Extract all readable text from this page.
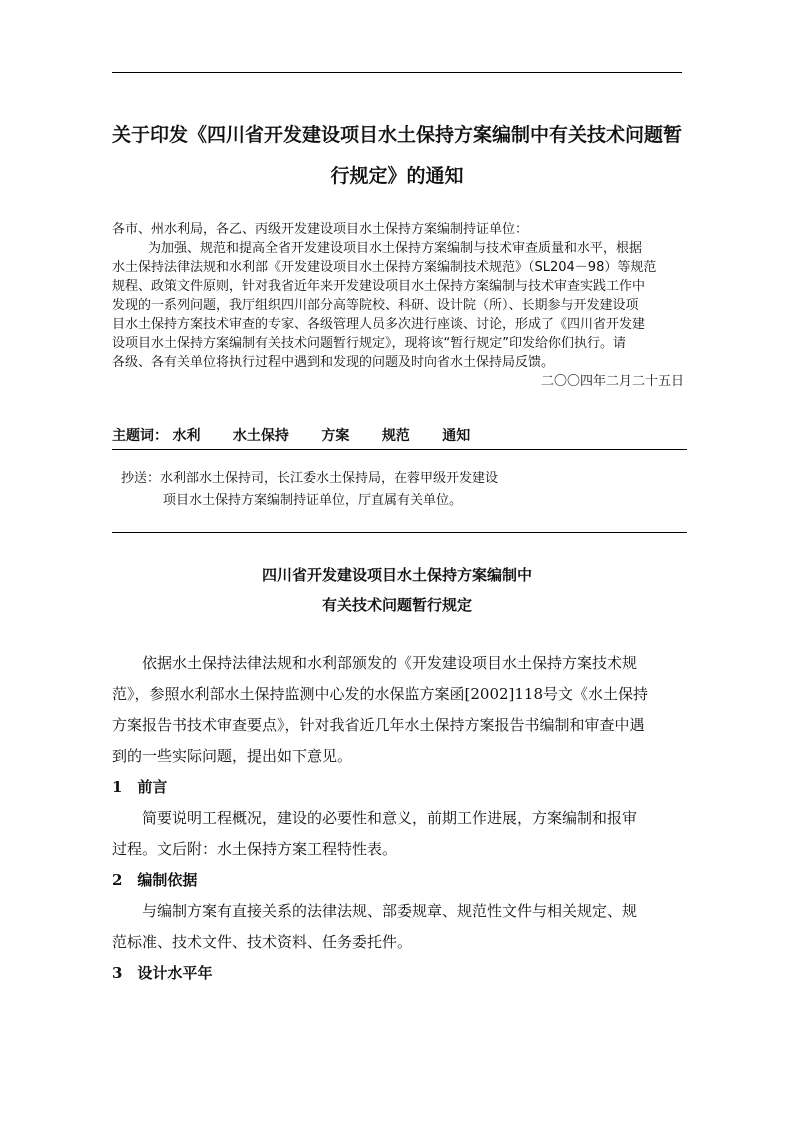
关于印发《四川省开发建设项目水土保持方案编制中有关技术问题暂
行规定》的通知

各市、州水利局，各乙、丙级开发建设项目水土保持方案编制持证单位：

为加强、规范和提高全省开发建设项目水土保持方案编制与技术审查质量和水平，根据

水土保持法律法规和水利部《开发建设项目水土保持方案编制技术规范》（SL204－98）等规范

规程、政策文件原则，针对我省近年来开发建设项目水土保持方案编制与技术审查实践工作中

发现的一系列问题，我厅组织四川部分高等院校、科研、设计院（所）、长期参与开发建设项

目水土保持方案技术审查的专家、各级管理人员多次进行座谈、讨论，形成了《四川省开发建

设项目水土保持方案编制有关技术问题暂行规定》，现将该“暂行规定”印发给你们执行。请

各级、各有关单位将执行过程中遇到和发现的问题及时向省水土保持局反馈。

二〇〇四年二月二十五日

主题词： 水利 水土保持 方案 规范 通知

抄送：水利部水土保持司，长江委水土保持局，在蓉甲级开发建设

项目水土保持方案编制持证单位，厅直属有关单位。

四川省开发建设项目水土保持方案编制中
有关技术问题暂行规定

依据水土保持法律法规和水利部颁发的《开发建设项目水土保持方案技术规

范》，参照水利部水土保持监测中心发的水保监方案函[2002]118号文《水土保持

方案报告书技术审查要点》，针对我省近几年水土保持方案报告书编制和审查中遇

到的一些实际问题，提出如下意见。

1　前言

简要说明工程概况，建设的必要性和意义，前期工作进展，方案编制和报审

过程。文后附：水土保持方案工程特性表。

2　编制依据

与编制方案有直接关系的法律法规、部委规章、规范性文件与相关规定、规

范标准、技术文件、技术资料、任务委托件。

3　设计水平年
